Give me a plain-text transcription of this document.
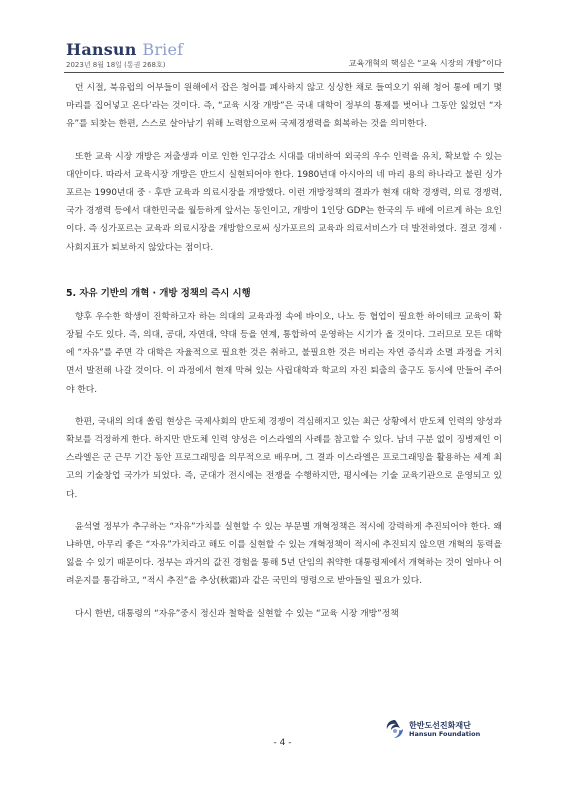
Hansun Brief
2023년 8월 18일 (통권 268호)	교육개혁의 핵심은 “교육 시장의 개방”이다

던 시절, 북유럽의 어부들이 원해에서 잡은 청어를 폐사하지 않고 싱싱한 채로 들여오기 위해 청어 통에 메기 몇 마리를 집어넣고 온다’라는 것이다. 즉, “교육 시장 개방”은 국내 대학이 정부의 통제를 벗어나 그동안 잃었던 “자유”를 되찾는 한편, 스스로 살아남기 위해 노력함으로써 국제경쟁력을 회복하는 것을 의미한다.

또한 교육 시장 개방은 저출생과 이로 인한 인구감소 시대를 대비하여 외국의 우수 인력을 유치, 확보할 수 있는 대안이다. 따라서 교육시장 개방은 반드시 실현되어야 한다. 1980년대 아시아의 네 마리 용의 하나라고 불린 싱가포르는 1990년대 중 · 후반 교육과 의료시장을 개방했다. 이런 개방정책의 결과가 현재 대학 경쟁력, 의료 경쟁력, 국가 경쟁력 등에서 대한민국을 월등하게 앞서는 동인이고, 개방이 1인당 GDP는 한국의 두 배에 이르게 하는 요인이다. 즉 싱가포르는 교육과 의료시장을 개방함으로써 싱가포르의 교육과 의료서비스가 더 발전하였다. 결코 경제 · 사회지표가 퇴보하지 않았다는 점이다.

5. 자유 기반의 개혁 · 개방 정책의 즉시 시행

향후 우수한 학생이 진학하고자 하는 의대의 교육과정 속에 바이오, 나노 등 협업이 필요한 하이테크 교육이 확장될 수도 있다. 즉, 의대, 공대, 자연대, 약대 등을 연계, 통합하여 운영하는 시기가 올 것이다. 그러므로 모든 대학에 “자유”를 주면 각 대학은 자율적으로 필요한 것은 취하고, 불필요한 것은 버리는 자연 증식과 소멸 과정을 거치면서 발전해 나갈 것이다. 이 과정에서 현재 막혀 있는 사립대학과 학교의 자진 퇴출의 출구도 동시에 만들어 주어야 한다.

한편, 국내의 의대 쏠림 현상은 국제사회의 반도체 경쟁이 격심해지고 있는 최근 상황에서 반도체 인력의 양성과 확보를 걱정하게 한다. 하지만 반도체 인력 양성은 이스라엘의 사례를 참고할 수 있다. 남녀 구분 없이 징병제인 이스라엘은 군 근무 기간 동안 프로그래밍을 의무적으로 배우며, 그 결과 이스라엘은 프로그래밍을 활용하는 세계 최고의 기술창업 국가가 되었다. 즉, 군대가 전시에는 전쟁을 수행하지만, 평시에는 기술 교육기관으로 운영되고 있다.

윤석열 정부가 추구하는 “자유”가치를 실현할 수 있는 부문별 개혁정책은 적시에 강력하게 추진되어야 한다. 왜냐하면, 아무리 좋은 “자유”가치라고 해도 이를 실현할 수 있는 개혁정책이 적시에 추진되지 않으면 개혁의 동력을 잃을 수 있기 때문이다. 정부는 과거의 값진 경험을 통해 5년 단임의 취약한 대통령제에서 개혁하는 것이 얼마나 어려운지를 통감하고, “적시 추진”을 추상(秋霜)과 같은 국민의 명령으로 받아들일 필요가 있다.

다시 한번, 대통령의 “자유”중시 정신과 철학을 실현할 수 있는 “교육 시장 개방”정책

한반도선진화재단
Hansun Foundation
- 4 -
